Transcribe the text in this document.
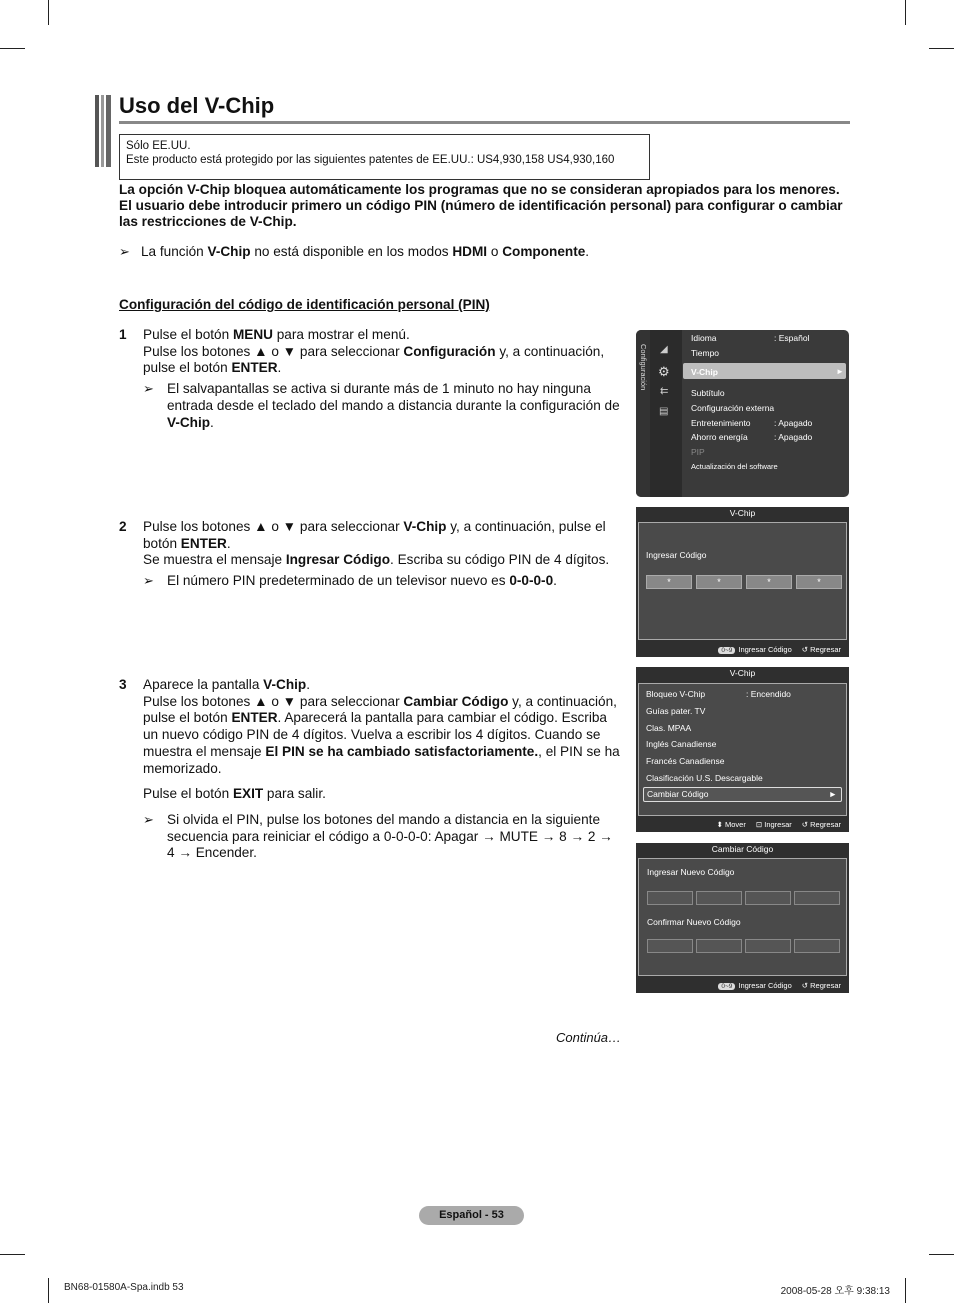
Uso del V-Chip
Sólo EE.UU.
Este producto está protegido por las siguientes patentes de EE.UU.: US4,930,158 US4,930,160
La opción V-Chip bloquea automáticamente los programas que no se consideran apropiados para los menores. El usuario debe introducir primero un código PIN (número de identificación personal) para configurar o cambiar las restricciones de V-Chip.
➢ La función V-Chip no está disponible en los modos HDMI o Componente.
Configuración del código de identificación personal (PIN)
1 Pulse el botón MENU para mostrar el menú.

Pulse los botones ▲ o ▼ para seleccionar Configuración y, a continuación, pulse el botón ENTER.

➢ El salvapantallas se activa si durante más de 1 minuto no hay ninguna entrada desde el teclado del mando a distancia durante la configuración de V-Chip.
2 Pulse los botones ▲ o ▼ para seleccionar V-Chip y, a continuación, pulse el botón ENTER.

Se muestra el mensaje Ingresar Código. Escriba su código PIN de 4 dígitos.

➢ El número PIN predeterminado de un televisor nuevo es 0-0-0-0.
3 Aparece la pantalla V-Chip.

Pulse los botones ▲ o ▼ para seleccionar Cambiar Código y, a continuación, pulse el botón ENTER. Aparecerá la pantalla para cambiar el código. Escriba un nuevo código PIN de 4 dígitos. Vuelva a escribir los 4 dígitos. Cuando se muestra el mensaje El PIN se ha cambiado satisfactoriamente., el PIN se ha memorizado.

Pulse el botón EXIT para salir.

➢ Si olvida el PIN, pulse los botones del mando a distancia en la siguiente secuencia para reiniciar el código a 0-0-0-0: Apagar → MUTE → 8 → 2 → 4 → Encender.
Continúa…
Español - 53
BN68-01580A-Spa.indb 53	2008-05-28 오후 9:38:13
Configuración ◢
⚙
⇇
▤
Idioma	: Español
Tiempo
V-Chip	►
Subtítulo
Configuración externa
Entretenimiento	: Apagado
Ahorro energía	: Apagado
PIP
Actualización del software
V-Chip
Ingresar Código
*	*	*	*
0~9 Ingresar Código ↺ Regresar
V-Chip
Bloqueo V-Chip	: Encendido
Guías pater. TV
Clas. MPAA
Inglés Canadiense
Francés Canadiense
Clasificación U.S. Descargable
Cambiar Código	►
⬍ Mover ⊡ Ingresar ↺ Regresar
Cambiar Código
Ingresar Nuevo Código
Confirmar Nuevo Código
0~9 Ingresar Código ↺ Regresar
